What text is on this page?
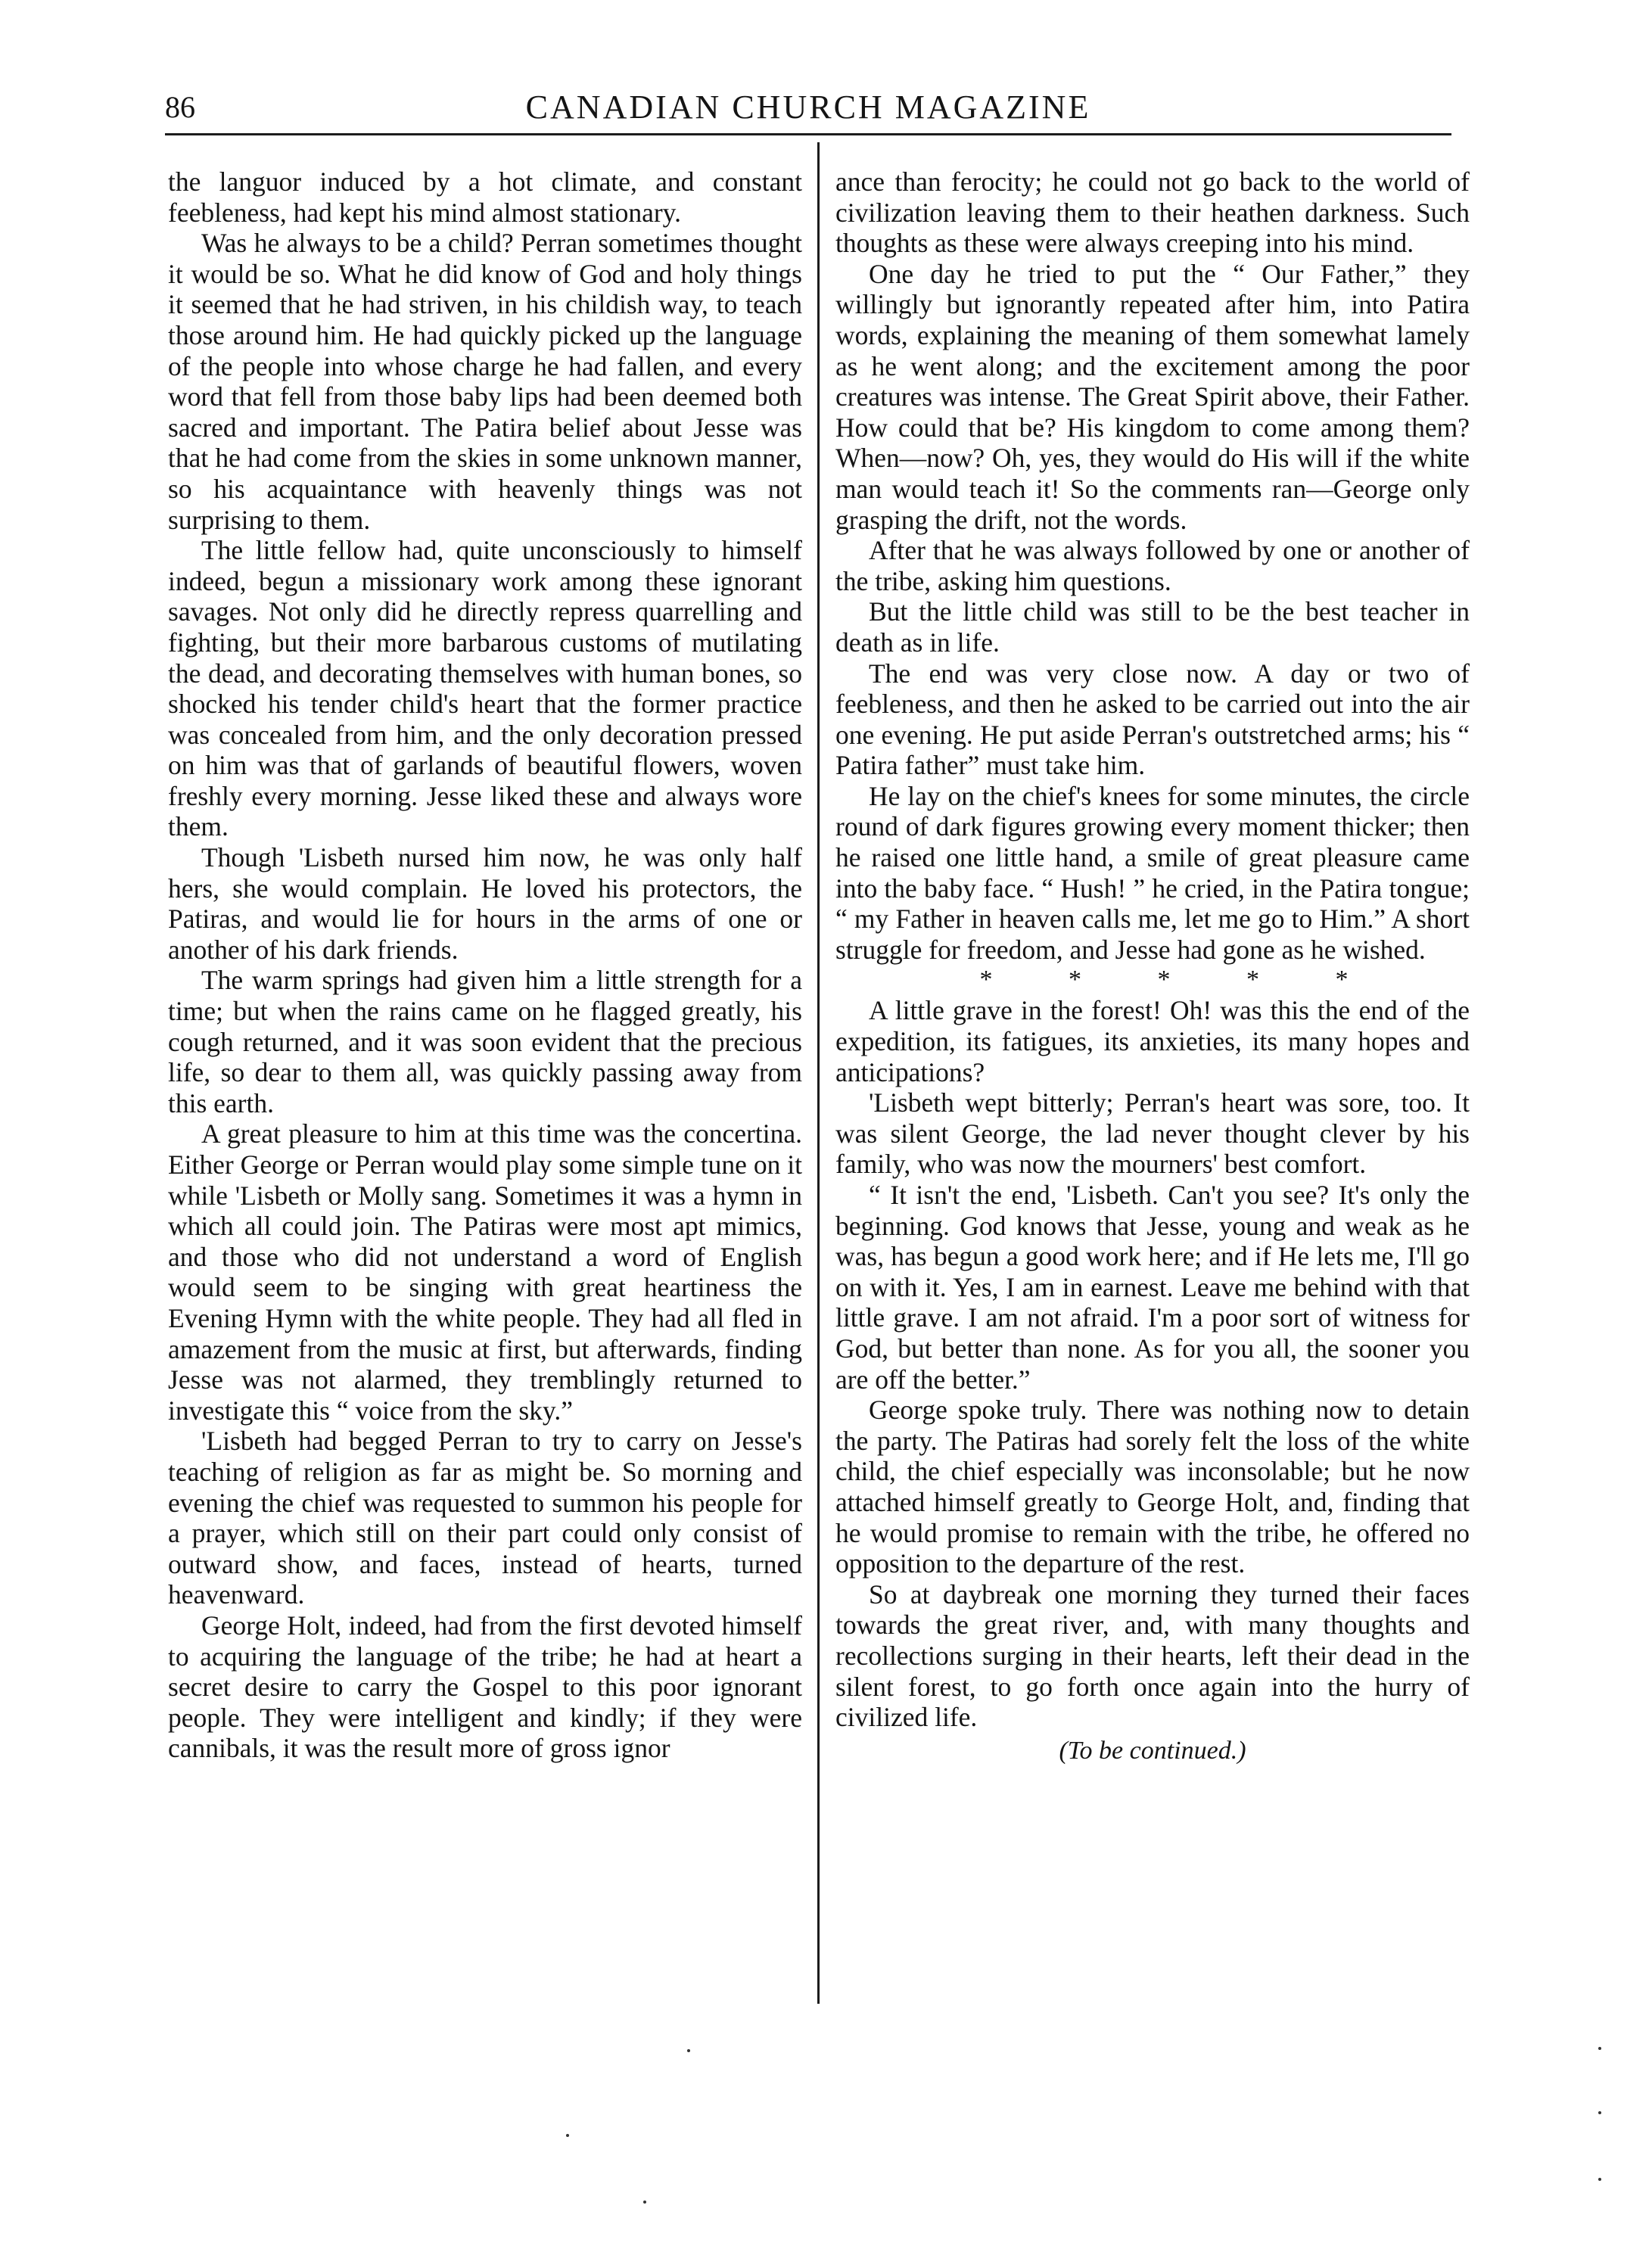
86	CANADIAN CHURCH MAGAZINE

the languor induced by a hot climate, and constant feebleness, had kept his mind almost stationary.

Was he always to be a child? Perran sometimes thought it would be so. What he did know of God and holy things it seemed that he had striven, in his childish way, to teach those around him. He had quickly picked up the language of the people into whose charge he had fallen, and every word that fell from those baby lips had been deemed both sacred and important. The Patira belief about Jesse was that he had come from the skies in some unknown manner, so his acquaintance with heavenly things was not surprising to them.

The little fellow had, quite unconsciously to himself indeed, begun a missionary work among these ignorant savages. Not only did he directly repress quarrelling and fighting, but their more barbarous customs of mutilating the dead, and decorating themselves with human bones, so shocked his tender child's heart that the former practice was concealed from him, and the only decoration pressed on him was that of garlands of beautiful flowers, woven freshly every morning. Jesse liked these and always wore them.

Though 'Lisbeth nursed him now, he was only half hers, she would complain. He loved his protectors, the Patiras, and would lie for hours in the arms of one or another of his dark friends.

The warm springs had given him a little strength for a time; but when the rains came on he flagged greatly, his cough returned, and it was soon evident that the precious life, so dear to them all, was quickly passing away from this earth.

A great pleasure to him at this time was the concertina. Either George or Perran would play some simple tune on it while 'Lisbeth or Molly sang. Sometimes it was a hymn in which all could join. The Patiras were most apt mimics, and those who did not understand a word of English would seem to be singing with great heartiness the Evening Hymn with the white people. They had all fled in amazement from the music at first, but afterwards, finding Jesse was not alarmed, they tremblingly returned to investigate this “ voice from the sky.”

'Lisbeth had begged Perran to try to carry on Jesse's teaching of religion as far as might be. So morning and evening the chief was requested to summon his people for a prayer, which still on their part could only consist of outward show, and faces, instead of hearts, turned heavenward.

George Holt, indeed, had from the first devoted himself to acquiring the language of the tribe; he had at heart a secret desire to carry the Gospel to this poor ignorant people. They were intelligent and kindly; if they were cannibals, it was the result more of gross ignor

ance than ferocity; he could not go back to the world of civilization leaving them to their heathen darkness. Such thoughts as these were always creeping into his mind.

One day he tried to put the “ Our Father,” they willingly but ignorantly repeated after him, into Patira words, explaining the meaning of them somewhat lamely as he went along; and the excitement among the poor creatures was intense. The Great Spirit above, their Father. How could that be? His kingdom to come among them? When—now? Oh, yes, they would do His will if the white man would teach it! So the comments ran—George only grasping the drift, not the words.

After that he was always followed by one or another of the tribe, asking him questions.

But the little child was still to be the best teacher in death as in life.

The end was very close now. A day or two of feebleness, and then he asked to be carried out into the air one evening. He put aside Perran's outstretched arms; his “ Patira father” must take him.

He lay on the chief's knees for some minutes, the circle round of dark figures growing every moment thicker; then he raised one little hand, a smile of great pleasure came into the baby face. “ Hush! ” he cried, in the Patira tongue; “ my Father in heaven calls me, let me go to Him.” A short struggle for freedom, and Jesse had gone as he wished.

* * * * *

A little grave in the forest! Oh! was this the end of the expedition, its fatigues, its anxieties, its many hopes and anticipations?

'Lisbeth wept bitterly; Perran's heart was sore, too. It was silent George, the lad never thought clever by his family, who was now the mourners' best comfort.

“ It isn't the end, 'Lisbeth. Can't you see? It's only the beginning. God knows that Jesse, young and weak as he was, has begun a good work here; and if He lets me, I'll go on with it. Yes, I am in earnest. Leave me behind with that little grave. I am not afraid. I'm a poor sort of witness for God, but better than none. As for you all, the sooner you are off the better.”

George spoke truly. There was nothing now to detain the party. The Patiras had sorely felt the loss of the white child, the chief especially was inconsolable; but he now attached himself greatly to George Holt, and, finding that he would promise to remain with the tribe, he offered no opposition to the departure of the rest.

So at daybreak one morning they turned their faces towards the great river, and, with many thoughts and recollections surging in their hearts, left their dead in the silent forest, to go forth once again into the hurry of civilized life.

(To be continued.)
